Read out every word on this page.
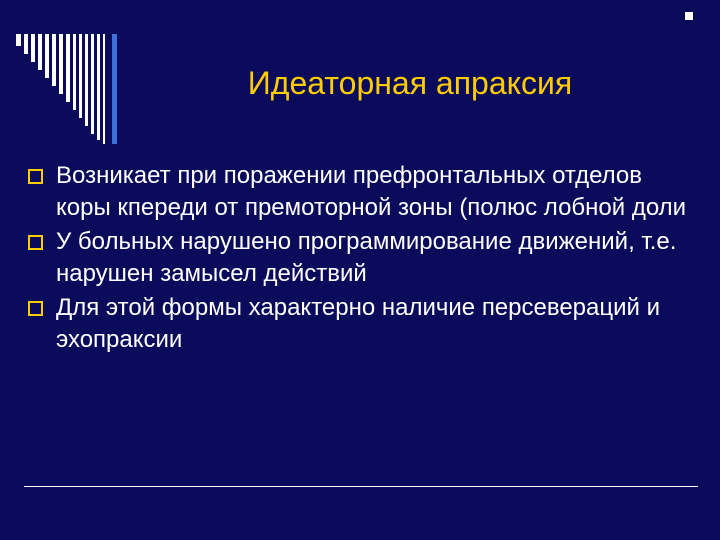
Идеаторная апраксия
Возникает при поражении префронтальных отделов коры кпереди от премоторной зоны (полюс лобной доли
У больных нарушено программирование движений, т.е. нарушен замысел действий
Для этой формы характерно наличие персевераций и эхопраксии
